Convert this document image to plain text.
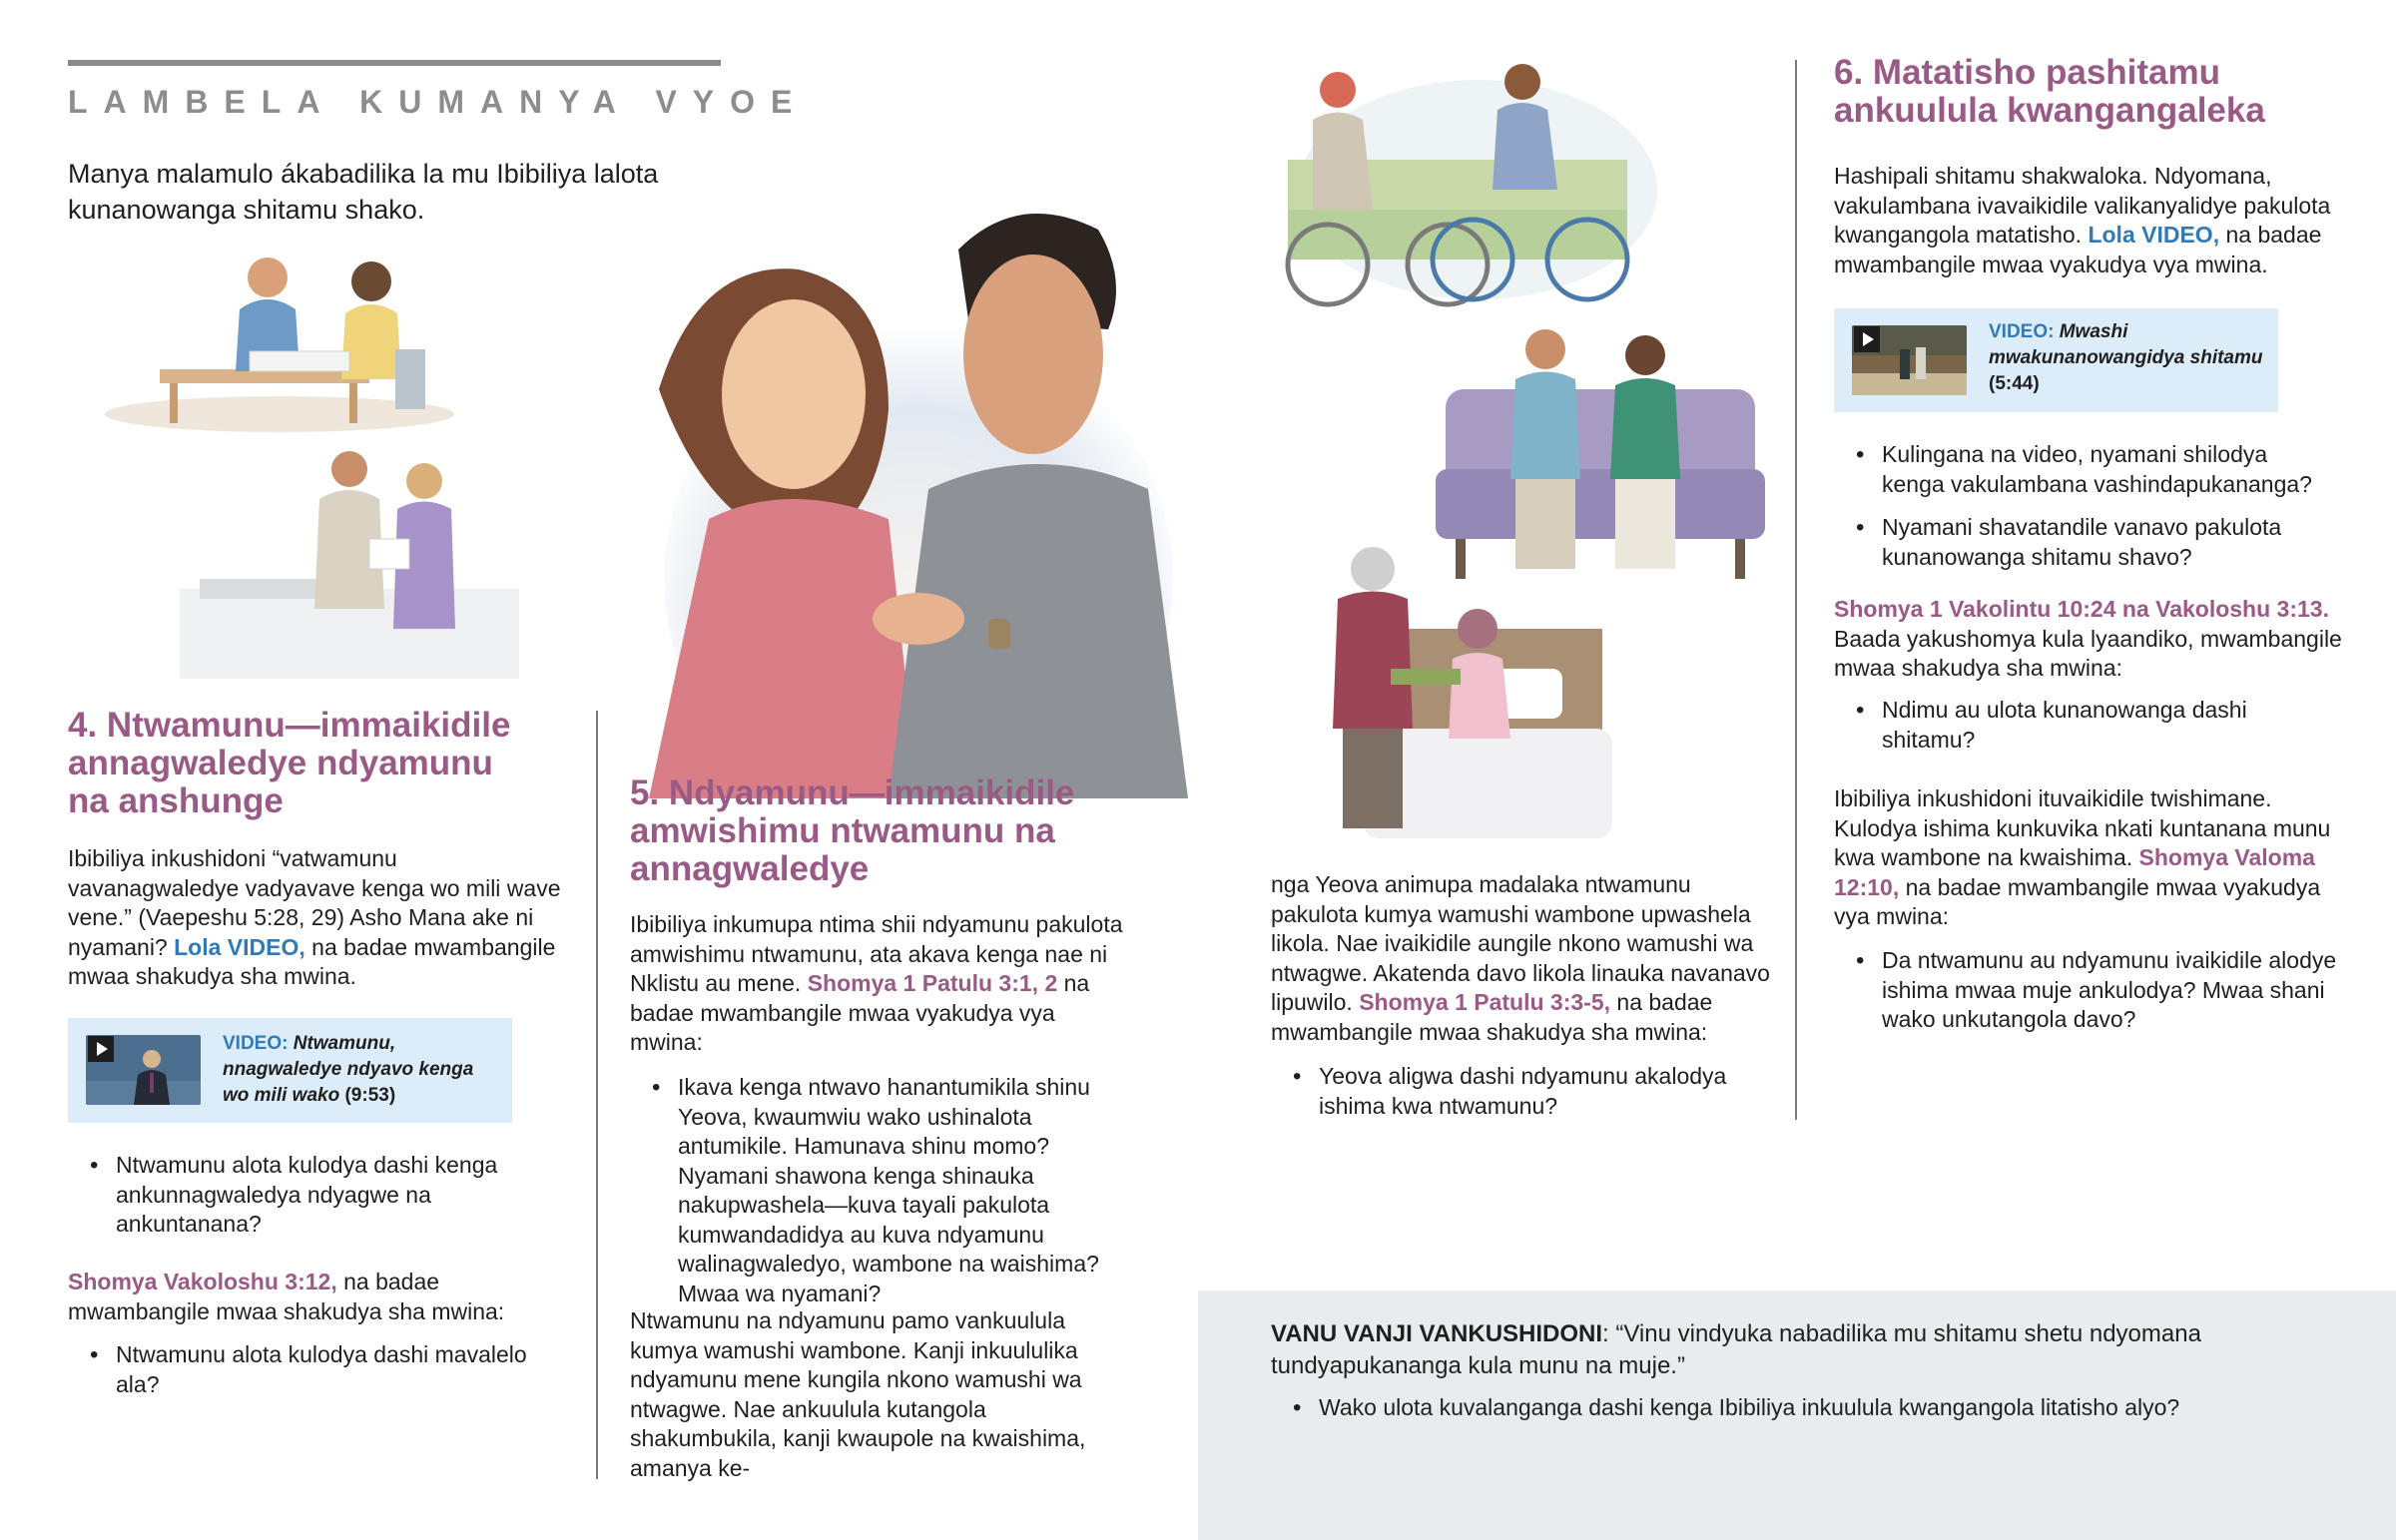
LAMBELA KUMANYA VYOE

Manya malamulo ákabadilika la mu Ibibiliya lalota kunanowanga shitamu shako.

4. Ntwamunu—immaikidile annagwaledye ndyamunu na anshunge

Ibibiliya inkushidoni “vatwamunu vavanagwaledye vadyavave kenga wo mili wave vene.” (Vaepeshu 5:28, 29) Asho Mana ake ni nyamani? Lola VIDEO, na badae mwambangile mwaa shakudya sha mwina.

VIDEO: Ntwamunu, nnagwaledye ndyavo kenga wo mili wako (9:53)
• Ntwamunu alota kulodya dashi kenga ankunnagwaledya ndyagwe na ankuntanana?

Shomya Vakoloshu 3:12, na badae mwambangile mwaa shakudya sha mwina:

• Ntwamunu alota kulodya dashi mavalelo ala?
5. Ndyamunu—immaikidile amwishimu ntwamunu na annagwaledye

Ibibiliya inkumupa ntima shii ndyamunu pakulota amwishimu ntwamunu, ata akava kenga nae ni Nklistu au mene. Shomya 1 Patulu 3:1, 2 na badae mwambangile mwaa vyakudya vya mwina:

• Ikava kenga ntwavo hanantumikila shinu Yeova, kwaumwiu wako ushinalota antumikile. Hamunava shinu momo? Nyamani shawona kenga shinauka nakupwashela—kuva tayali pakulota kumwandadidya au kuva ndyamunu walinagwaledyo, wambone na waishima? Mwaa wa nyamani?

Ntwamunu na ndyamunu pamo vankuulula kumya wamushi wambone. Kanji inkuululika ndyamunu mene kungila nkono wamushi wa ntwagwe. Nae ankuulula kutangola shakumbukila, kanji kwaupole na kwaishima, amanya ke-

nga Yeova animupa madalaka ntwamunu pakulota kumya wamushi wambone upwashela likola. Nae ivaikidile aungile nkono wamushi wa ntwagwe. Akatenda davo likola linauka navanavo lipuwilo. Shomya 1 Patulu 3:3-5, na badae mwambangile mwaa shakudya sha mwina:

• Yeova aligwa dashi ndyamunu akalodya ishima kwa ntwamunu?
6. Matatisho pashitamu ankuulula kwangangaleka

Hashipali shitamu shakwaloka. Ndyomana, vakulambana ivavaikidile valikanyalidye pakulota kwangangola matatisho. Lola VIDEO, na badae mwambangile mwaa vyakudya vya mwina.

VIDEO: Mwashi mwakunanowangidya shitamu (5:44)
• Kulingana na video, nyamani shilodya kenga vakulambana vashindapukananga?
• Nyamani shavatandile vanavo pakulota kunanowanga shitamu shavo?

Shomya 1 Vakolintu 10:24 na Vakoloshu 3:13. Baada yakushomya kula lyaandiko, mwambangile mwaa shakudya sha mwina:

• Ndimu au ulota kunanowanga dashi shitamu?

Ibibiliya inkushidoni ituvaikidile twishimane. Kulodya ishima kunkuvika nkati kuntanana munu kwa wambone na kwaishima. Shomya Valoma 12:10, na badae mwambangile mwaa vyakudya vya mwina:

• Da ntwamunu au ndyamunu ivaikidile alodye ishima mwaa muje ankulodya? Mwaa shani wako unkutangola davo?

VANU VANJI VANKUSHIDONI: “Vinu vindyuka nabadilika mu shitamu shetu ndyomana tundyapukananga kula munu na muje.”

• Wako ulota kuvalanganga dashi kenga Ibibiliya inkuulula kwangangola litatisho alyo?
